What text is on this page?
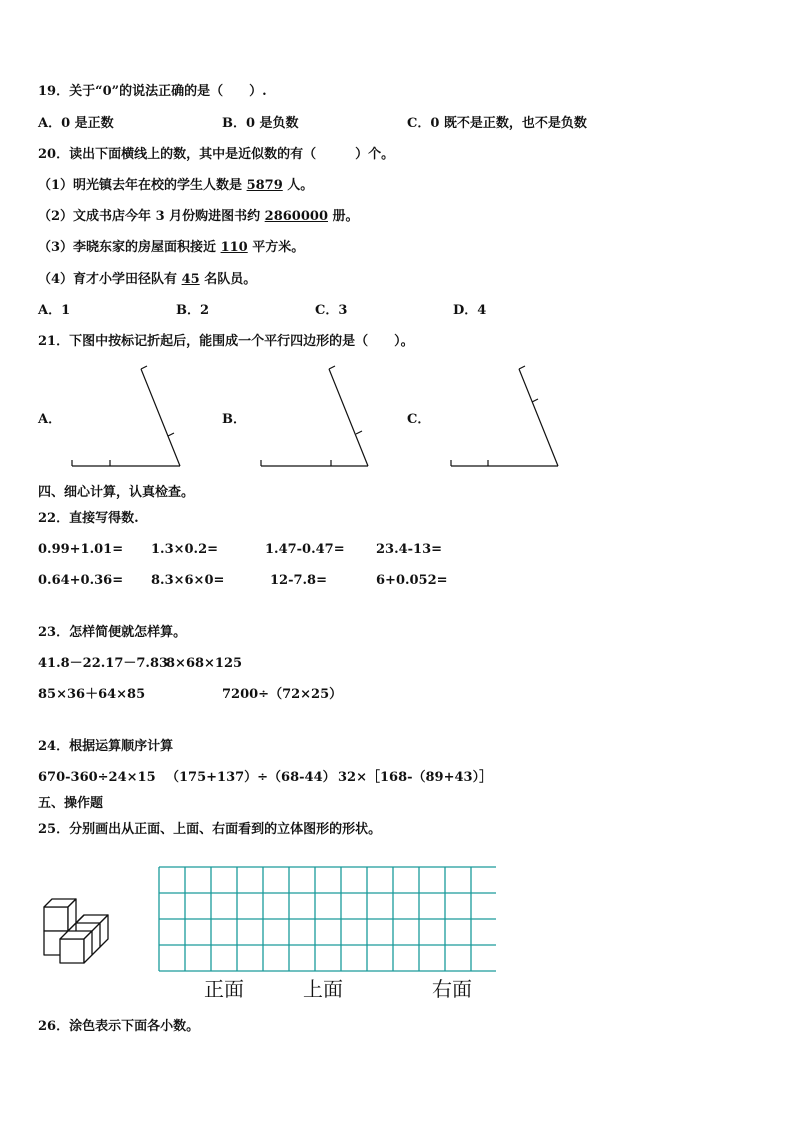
19．关于“0”的说法正确的是（　　）.
A．0 是正数	B．0 是负数	C．0 既不是正数，也不是负数
20．读出下面横线上的数，其中是近似数的有（　　　）个。
（1）明光镇去年在校的学生人数是 5879 人。
（2）文成书店今年 3 月份购进图书约 2860000 册。
（3）李晓东家的房屋面积接近 110 平方米。
（4）育才小学田径队有 45 名队员。
A．1	B．2	C．3	D．4
21．下图中按标记折起后，能围成一个平行四边形的是（　　）。
A．	B．	C．
四、细心计算，认真检查。
22．直接写得数.
0.99+1.01= 1.3×0.2=	1.47-0.47= 23.4-13=
0.64+0.36= 8.3×6×0=	12-7.8=	6+0.052=
23．怎样简便就怎样算。
41.8－22.17－7.83
8×68×125
85×36＋64×85	7200÷（72×25）
24．根据运算顺序计算
670-360÷24×15 （175+137）÷（68-44） 32×［168-（89+43）］
五、操作题
25．分别画出从正面、上面、右面看到的立体图形的形状。
正面	上面	右面
26．涂色表示下面各小数。
